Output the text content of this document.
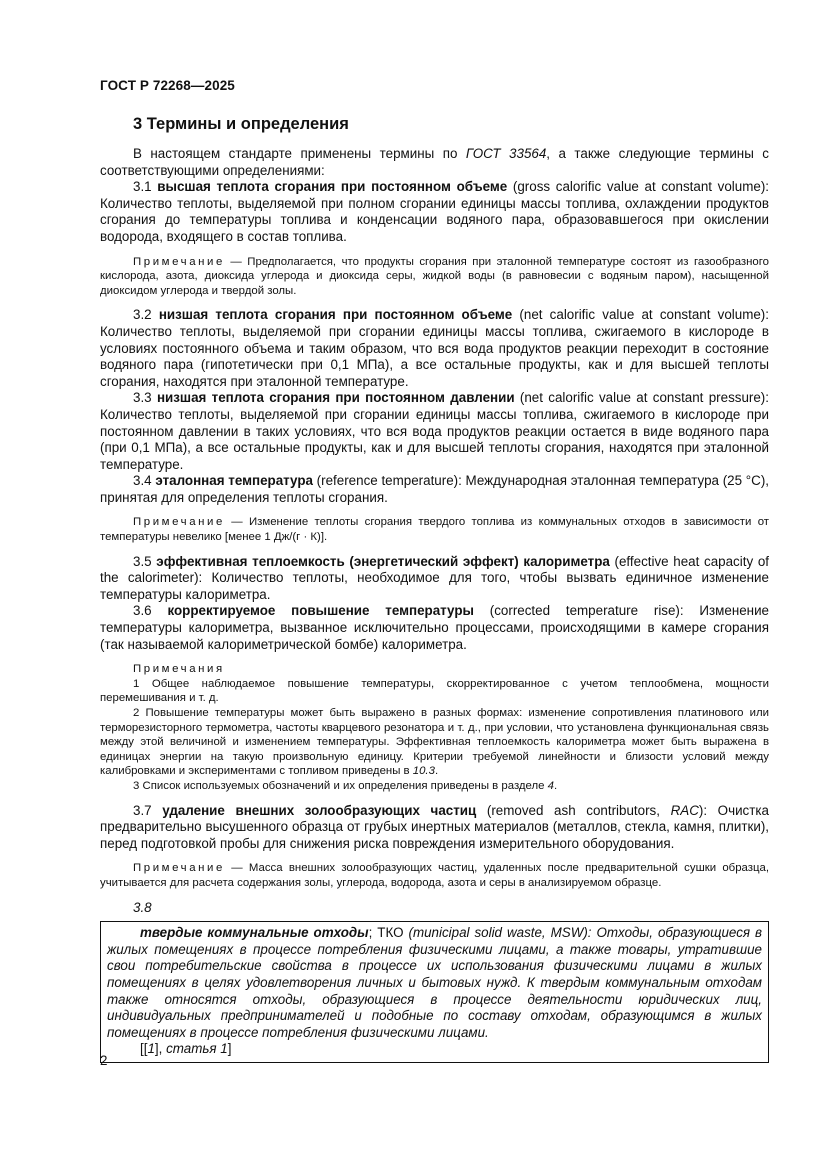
ГОСТ Р 72268—2025
3 Термины и определения

В настоящем стандарте применены термины по ГОСТ 33564, а также следующие термины с соответствующими определениями:

3.1 высшая теплота сгорания при постоянном объеме (gross calorific value at constant volume): Количество теплоты, выделяемой при полном сгорании единицы массы топлива, охлаждении продуктов сгорания до температуры топлива и конденсации водяного пара, образовавшегося при окислении водорода, входящего в состав топлива.

Примечание — Предполагается, что продукты сгорания при эталонной температуре состоят из газообразного кислорода, азота, диоксида углерода и диоксида серы, жидкой воды (в равновесии с водяным паром), насыщенной диоксидом углерода и твердой золы.

3.2 низшая теплота сгорания при постоянном объеме (net calorific value at constant volume): Количество теплоты, выделяемой при сгорании единицы массы топлива, сжигаемого в кислороде в условиях постоянного объема и таким образом, что вся вода продуктов реакции переходит в состояние водяного пара (гипотетически при 0,1 МПа), а все остальные продукты, как и для высшей теплоты сгорания, находятся при эталонной температуре.

3.3 низшая теплота сгорания при постоянном давлении (net calorific value at constant pressure): Количество теплоты, выделяемой при сгорании единицы массы топлива, сжигаемого в кислороде при постоянном давлении в таких условиях, что вся вода продуктов реакции остается в виде водяного пара (при 0,1 МПа), а все остальные продукты, как и для высшей теплоты сгорания, находятся при эталонной температуре.

3.4 эталонная температура (reference temperature): Международная эталонная температура (25 °С), принятая для определения теплоты сгорания.

Примечание — Изменение теплоты сгорания твердого топлива из коммунальных отходов в зависимости от температуры невелико [менее 1 Дж/(г · К)].

3.5 эффективная теплоемкость (энергетический эффект) калориметра (effective heat capacity of the calorimeter): Количество теплоты, необходимое для того, чтобы вызвать единичное изменение температуры калориметра.

3.6 корректируемое повышение температуры (corrected temperature rise): Изменение температуры калориметра, вызванное исключительно процессами, происходящими в камере сгорания (так называемой калориметрической бомбе) калориметра.

Примечания

1 Общее наблюдаемое повышение температуры, скорректированное с учетом теплообмена, мощности перемешивания и т. д.

2 Повышение температуры может быть выражено в разных формах: изменение сопротивления платинового или терморезисторного термометра, частоты кварцевого резонатора и т. д., при условии, что установлена функциональная связь между этой величиной и изменением температуры. Эффективная теплоемкость калориметра может быть выражена в единицах энергии на такую произвольную единицу. Критерии требуемой линейности и близости условий между калибровками и экспериментами с топливом приведены в 10.3.

3 Список используемых обозначений и их определения приведены в разделе 4.

3.7 удаление внешних золообразующих частиц (removed ash contributors, RAC): Очистка предварительно высушенного образца от грубых инертных материалов (металлов, стекла, камня, плитки), перед подготовкой пробы для снижения риска повреждения измерительного оборудования.

Примечание — Масса внешних золообразующих частиц, удаленных после предварительной сушки образца, учитывается для расчета содержания золы, углерода, водорода, азота и серы в анализируемом образце.

3.8

твердые коммунальные отходы; ТКО (municipal solid waste, MSW): Отходы, образующиеся в жилых помещениях в процессе потребления физическими лицами, а также товары, утратившие свои потребительские свойства в процессе их использования физическими лицами в жилых помещениях в целях удовлетворения личных и бытовых нужд. К твердым коммунальным отходам также относятся отходы, образующиеся в процессе деятельности юридических лиц, индивидуальных предпринимателей и подобные по составу отходам, образующимся в жилых помещениях в процессе потребления физическими лицами.

[[1], статья 1]

2
